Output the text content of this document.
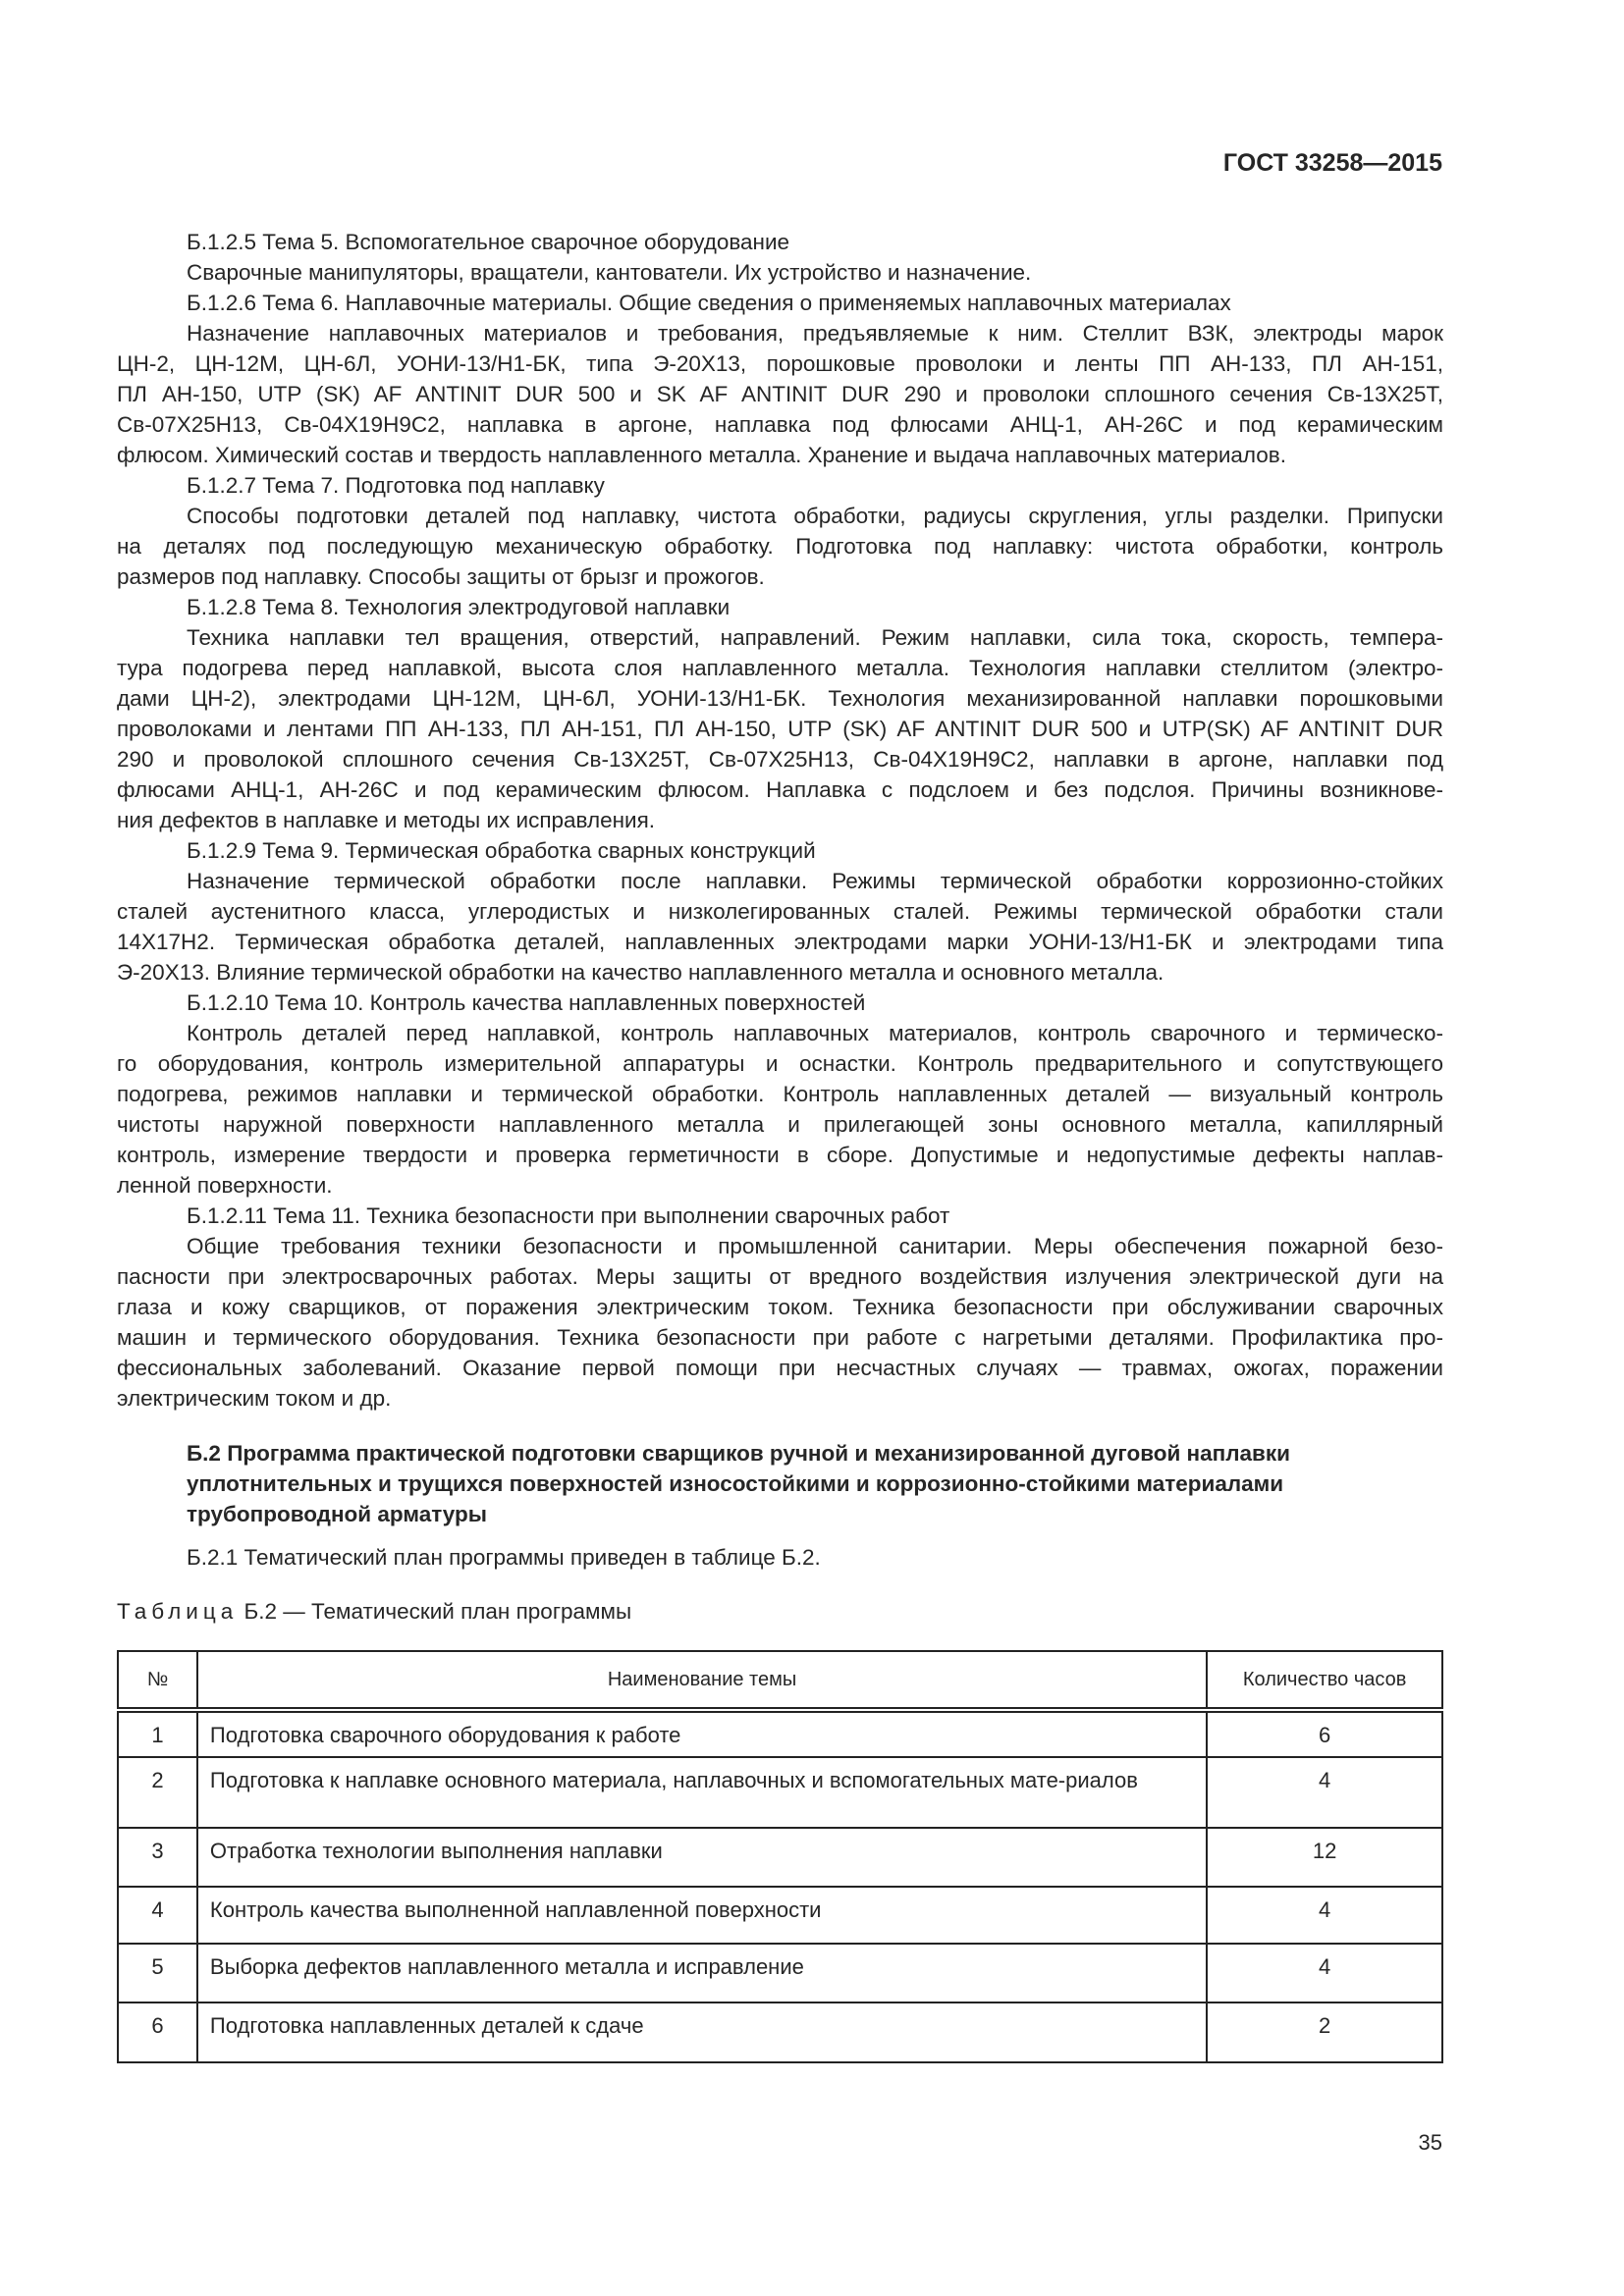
ГОСТ 33258—2015
Б.1.2.5 Тема 5. Вспомогательное сварочное оборудование
Сварочные манипуляторы, вращатели, кантователи. Их устройство и назначение.
Б.1.2.6 Тема 6. Наплавочные материалы. Общие сведения о применяемых наплавочных материалах
Назначение наплавочных материалов и требования, предъявляемые к ним. Стеллит ВЗК, электроды марок
ЦН-2, ЦН-12М, ЦН-6Л, УОНИ-13/Н1-БК, типа Э-20Х13, порошковые проволоки и ленты ПП АН-133, ПЛ АН-151,
ПЛ АН-150, UTP (SK) AF ANTINIT DUR 500 и SK AF ANTINIT DUR 290 и проволоки сплошного сечения Св-13Х25Т,
Св-07Х25Н13, Св-04Х19Н9С2, наплавка в аргоне, наплавка под флюсами АНЦ-1, АН-26С и под керамическим
флюсом. Химический состав и твердость наплавленного металла. Хранение и выдача наплавочных материалов.
Б.1.2.7 Тема 7. Подготовка под наплавку
Способы подготовки деталей под наплавку, чистота обработки, радиусы скругления, углы разделки. Припуски
на деталях под последующую механическую обработку. Подготовка под наплавку: чистота обработки, контроль
размеров под наплавку. Способы защиты от брызг и прожогов.
Б.1.2.8 Тема 8. Технология электродуговой наплавки
Техника наплавки тел вращения, отверстий, направлений. Режим наплавки, сила тока, скорость, темпера-
тура подогрева перед наплавкой, высота слоя наплавленного металла. Технология наплавки стеллитом (электро-
дами ЦН-2), электродами ЦН-12М, ЦН-6Л, УОНИ-13/Н1-БК. Технология механизированной наплавки порошковыми
проволоками и лентами ПП АН-133, ПЛ АН-151, ПЛ АН-150, UTP (SK) AF ANTINIT DUR 500 и UTP(SK) AF ANTINIT DUR
290 и проволокой сплошного сечения Св-13Х25Т, Св-07Х25Н13, Св-04Х19Н9С2, наплавки в аргоне, наплавки под
флюсами АНЦ-1, АН-26С и под керамическим флюсом. Наплавка с подслоем и без подслоя. Причины возникнове-
ния дефектов в наплавке и методы их исправления.
Б.1.2.9 Тема 9. Термическая обработка сварных конструкций
Назначение термической обработки после наплавки. Режимы термической обработки коррозионно-стойких
сталей аустенитного класса, углеродистых и низколегированных сталей. Режимы термической обработки стали
14Х17Н2. Термическая обработка деталей, наплавленных электродами марки УОНИ-13/Н1-БК и электродами типа
Э-20Х13. Влияние термической обработки на качество наплавленного металла и основного металла.
Б.1.2.10 Тема 10. Контроль качества наплавленных поверхностей
Контроль деталей перед наплавкой, контроль наплавочных материалов, контроль сварочного и термическо-
го оборудования, контроль измерительной аппаратуры и оснастки. Контроль предварительного и сопутствующего
подогрева, режимов наплавки и термической обработки. Контроль наплавленных деталей — визуальный контроль
чистоты наружной поверхности наплавленного металла и прилегающей зоны основного металла, капиллярный
контроль, измерение твердости и проверка герметичности в сборе. Допустимые и недопустимые дефекты наплав-
ленной поверхности.
Б.1.2.11 Тема 11. Техника безопасности при выполнении сварочных работ
Общие требования техники безопасности и промышленной санитарии. Меры обеспечения пожарной безо-
пасности при электросварочных работах. Меры защиты от вредного воздействия излучения электрической дуги на
глаза и кожу сварщиков, от поражения электрическим током. Техника безопасности при обслуживании сварочных
машин и термического оборудования. Техника безопасности при работе с нагретыми деталями. Профилактика про-
фессиональных заболеваний. Оказание первой помощи при несчастных случаях — травмах, ожогах, поражении
электрическим током и др.
Б.2 Программа практической подготовки сварщиков ручной и механизированной дуговой наплавки уплотнительных и трущихся поверхностей износостойкими и коррозионно-стойкими материалами трубопроводной арматуры
Б.2.1 Тематический план программы приведен в таблице Б.2.
Таблица Б.2 — Тематический план программы
№	Наименование темы	Количество часов
1	Подготовка сварочного оборудования к работе	6
2	Подготовка к наплавке основного материала, наплавочных и вспомогательных мате-риалов	4
3	Отработка технологии выполнения наплавки	12
4	Контроль качества выполненной наплавленной поверхности	4
5	Выборка дефектов наплавленного металла и исправление	4
6	Подготовка наплавленных деталей к сдаче	2
35
